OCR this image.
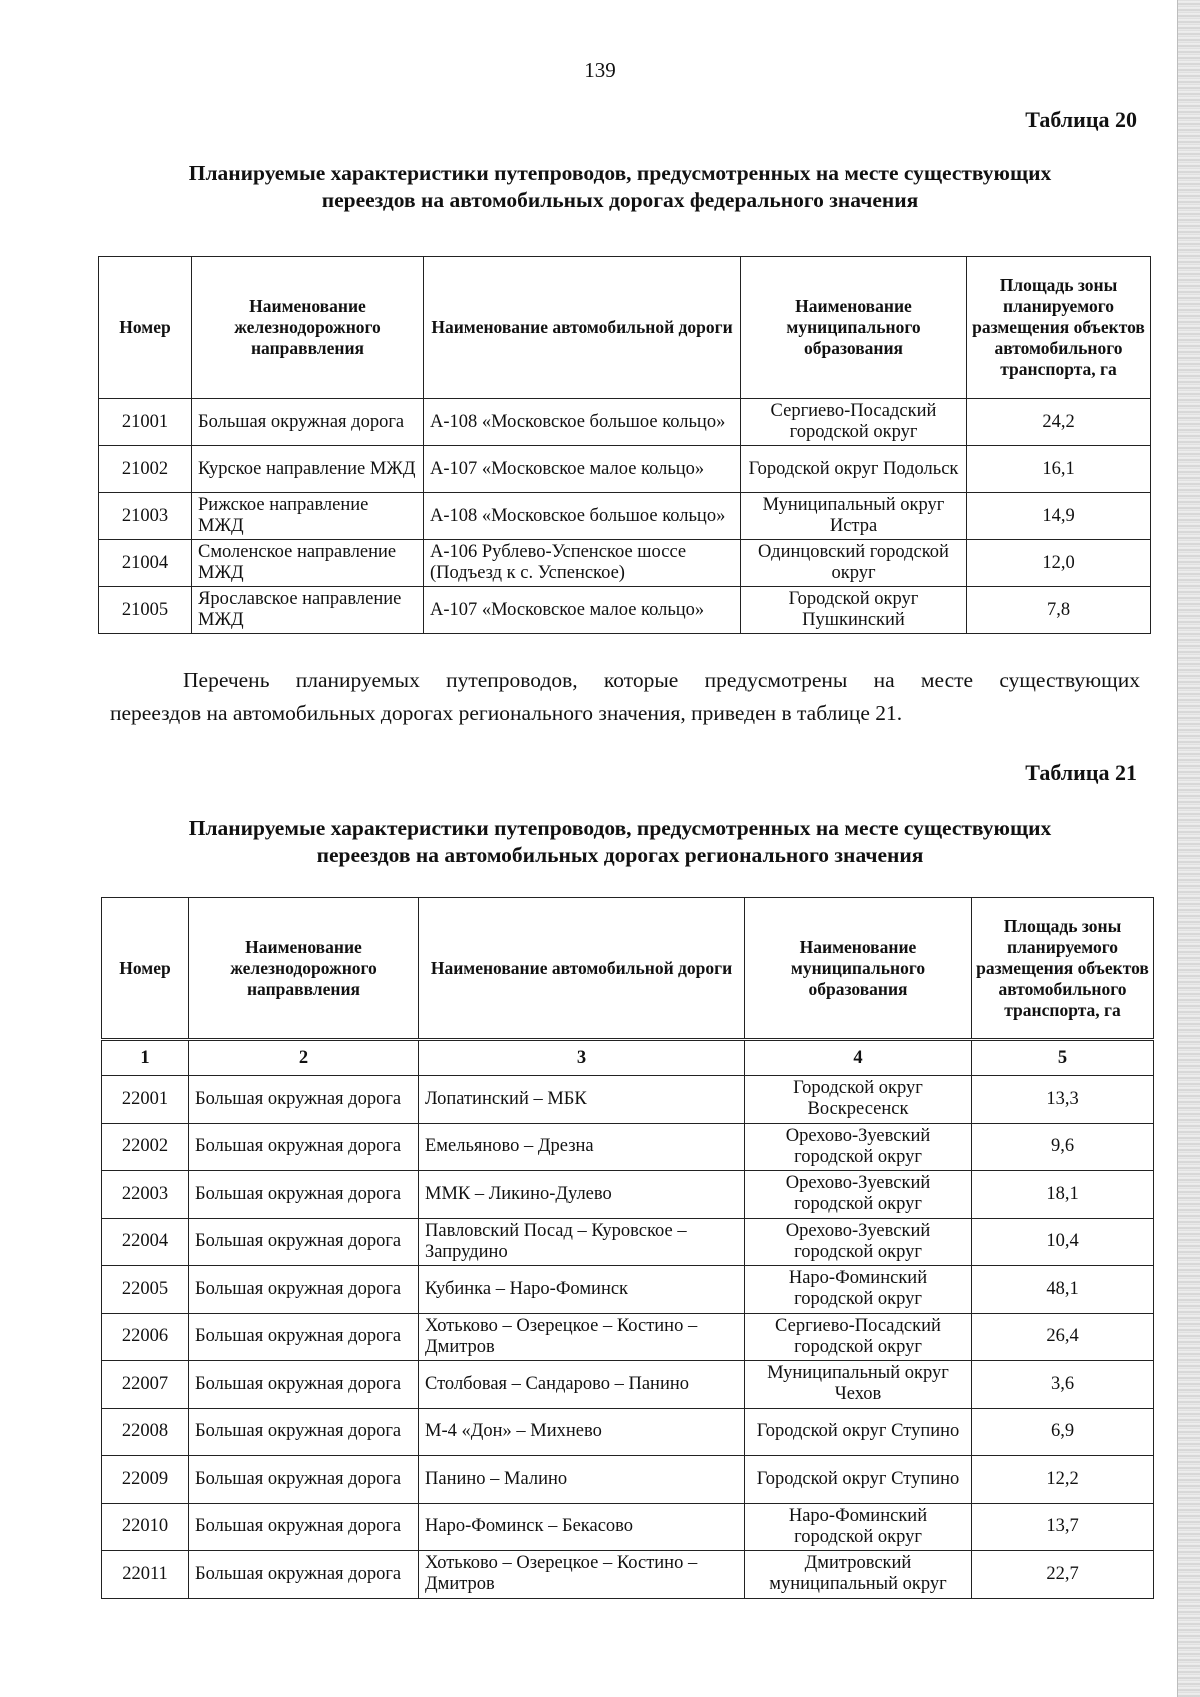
139
Таблица 20
Планируемые характеристики путепроводов, предусмотренных на месте существующих
переездов на автомобильных дорогах федерального значения
Номер	Наименование железнодорожного направвления	Наименование автомобильной дороги	Наименование муниципального образования	Площадь зоны планируемого размещения объектов автомобильного транспорта, га
21001	Большая окружная дорога	А-108 «Московское большое кольцо»	Сергиево-Посадский городской округ	24,2
21002	Курское направление МЖД	А-107 «Московское малое кольцо»	Городской округ Подольск	16,1
21003	Рижское направление МЖД	А-108 «Московское большое кольцо»	Муниципальный округ Истра	14,9
21004	Смоленское направление МЖД	А-106 Рублево-Успенское шоссе (Подъезд к с. Успенское)	Одинцовский городской округ	12,0
21005	Ярославское направление МЖД	А-107 «Московское малое кольцо»	Городской округ Пушкинский	7,8
Перечень планируемых путепроводов, которые предусмотрены на месте существующих
переездов на автомобильных дорогах регионального значения, приведен в таблице 21.
Таблица 21
Планируемые характеристики путепроводов, предусмотренных на месте существующих
переездов на автомобильных дорогах регионального значения
Номер	Наименование железнодорожного направвления	Наименование автомобильной дороги	Наименование муниципального образования	Площадь зоны планируемого размещения объектов автомобильного транспорта, га
1	2	3	4	5
22001	Большая окружная дорога	Лопатинский – МБК	Городской округ Воскресенск	13,3
22002	Большая окружная дорога	Емельяново – Дрезна	Орехово-Зуевский городской округ	9,6
22003	Большая окружная дорога	ММК – Ликино-Дулево	Орехово-Зуевский городской округ	18,1
22004	Большая окружная дорога	Павловский Посад – Куровское – Запрудино	Орехово-Зуевский городской округ	10,4
22005	Большая окружная дорога	Кубинка – Наро-Фоминск	Наро-Фоминский городской округ	48,1
22006	Большая окружная дорога	Хотьково – Озерецкое – Костино – Дмитров	Сергиево-Посадский городской округ	26,4
22007	Большая окружная дорога	Столбовая – Сандарово – Панино	Муниципальный округ Чехов	3,6
22008	Большая окружная дорога	М-4 «Дон» – Михнево	Городской округ Ступино	6,9
22009	Большая окружная дорога	Панино – Малино	Городской округ Ступино	12,2
22010	Большая окружная дорога	Наро-Фоминск – Бекасово	Наро-Фоминский городской округ	13,7
22011	Большая окружная дорога	Хотьково – Озерецкое – Костино – Дмитров	Дмитровский муниципальный округ	22,7
